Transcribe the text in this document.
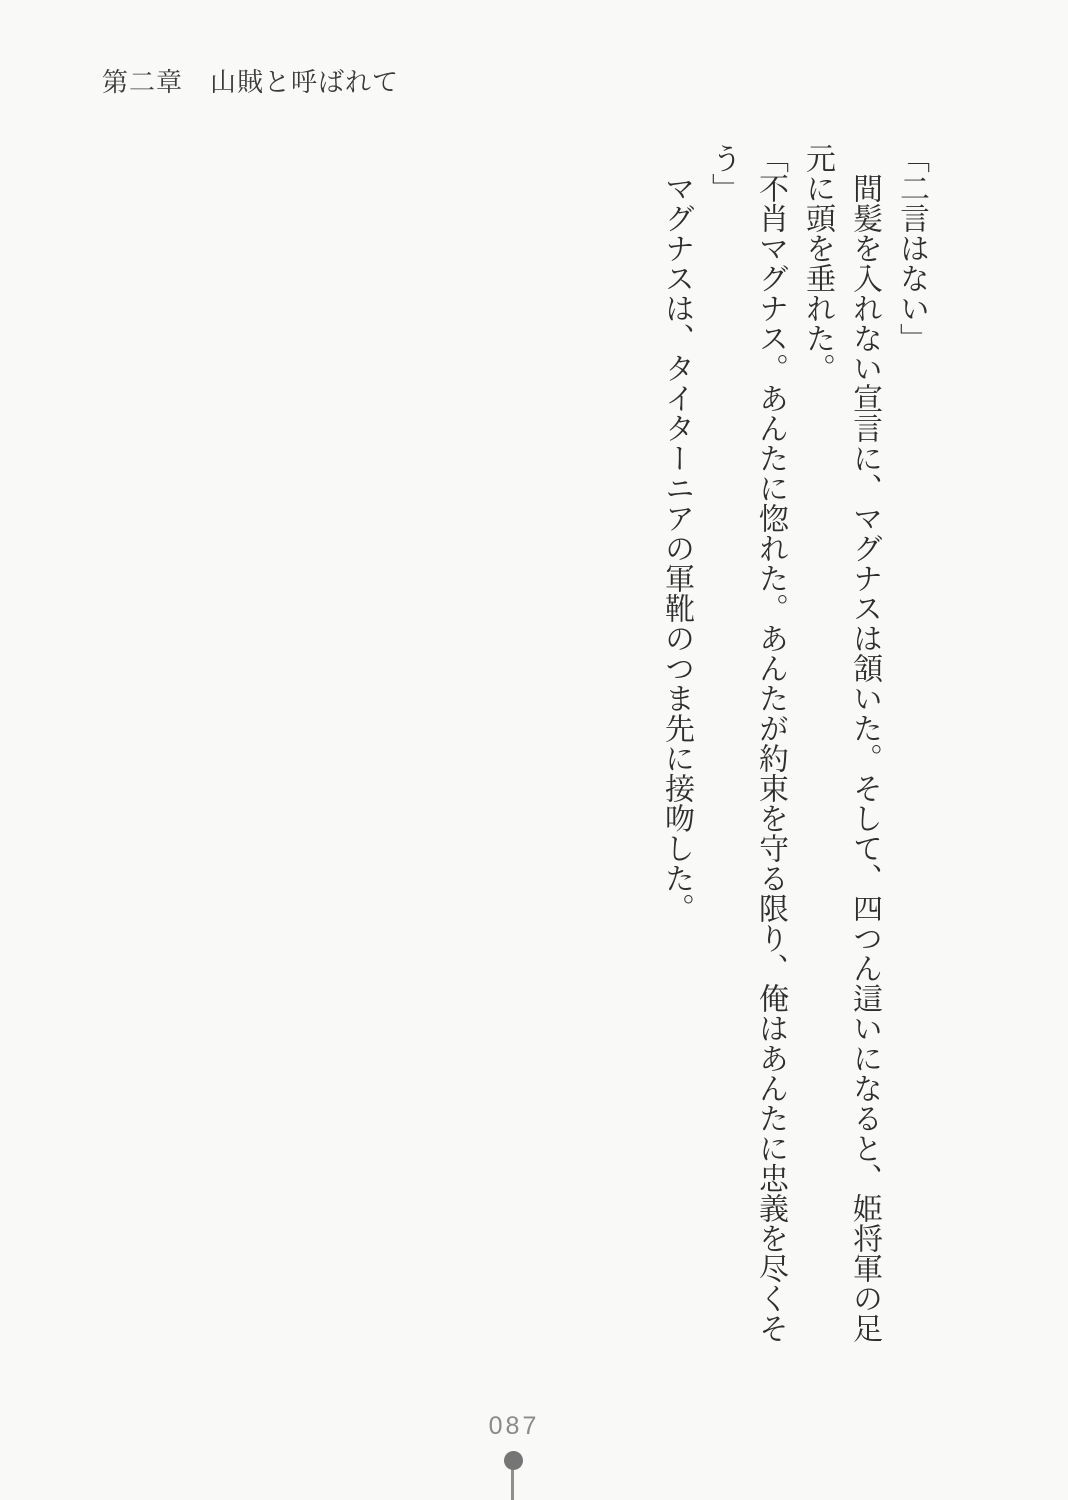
第二章　山賊と呼ばれて
「二言はない」
　間髪を入れない宣言に、マグナスは頷いた。そして、四つん這いになると、姫将軍の足
元に頭を垂れた。
「不肖マグナス。あんたに惚れた。あんたが約束を守る限り、俺はあんたに忠義を尽くそ
う」
　マグナスは、タイターニアの軍靴のつま先に接吻した。
087
